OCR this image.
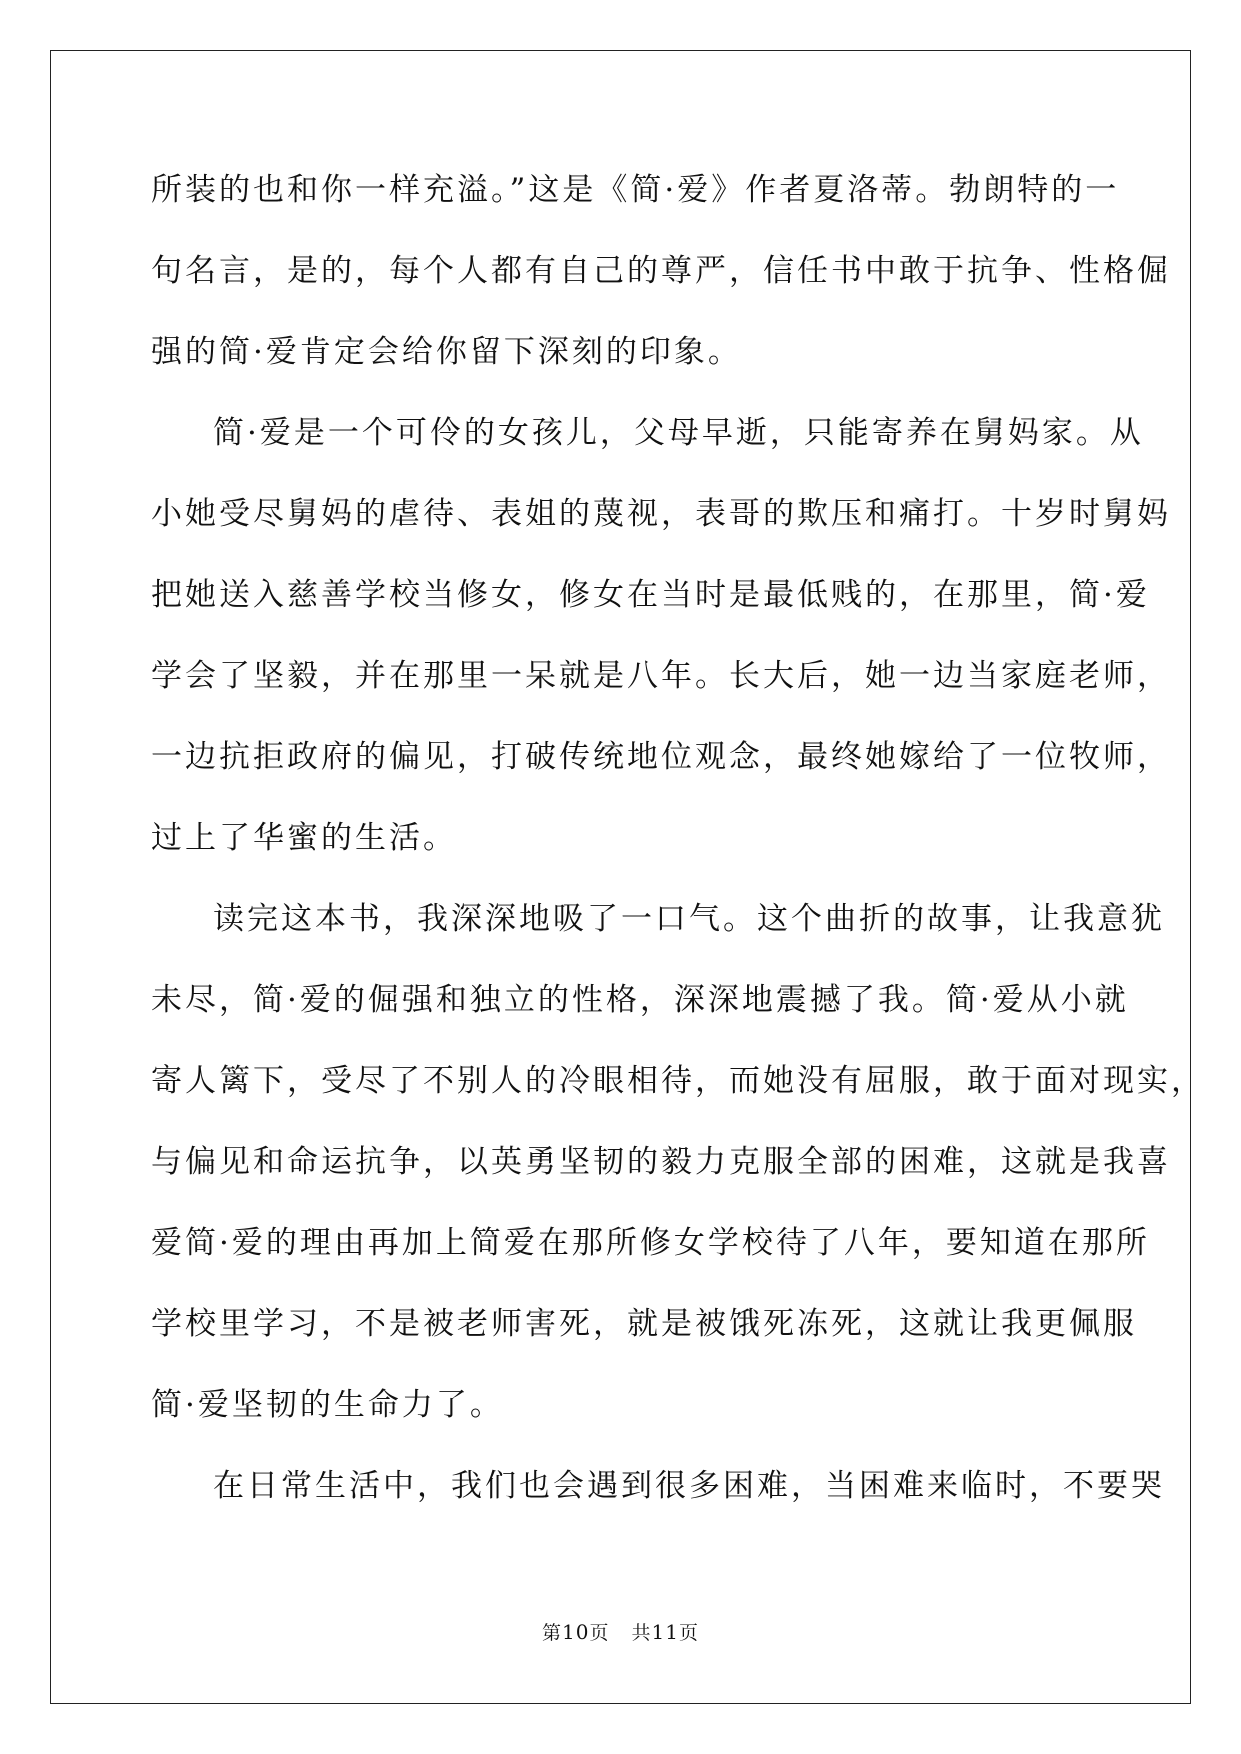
所装的也和你一样充溢。”这是《简·爱》作者夏洛蒂。勃朗特的一
句名言，是的，每个人都有自己的尊严，信任书中敢于抗争、性格倔
强的简·爱肯定会给你留下深刻的印象。
简·爱是一个可伶的女孩儿，父母早逝，只能寄养在舅妈家。从
小她受尽舅妈的虐待、表姐的蔑视，表哥的欺压和痛打。十岁时舅妈
把她送入慈善学校当修女，修女在当时是最低贱的，在那里，简·爱
学会了坚毅，并在那里一呆就是八年。长大后，她一边当家庭老师，
一边抗拒政府的偏见，打破传统地位观念，最终她嫁给了一位牧师，
过上了华蜜的生活。
读完这本书，我深深地吸了一口气。这个曲折的故事，让我意犹
未尽，简·爱的倔强和独立的性格，深深地震撼了我。简·爱从小就
寄人篱下，受尽了不别人的冷眼相待，而她没有屈服，敢于面对现实，
与偏见和命运抗争，以英勇坚韧的毅力克服全部的困难，这就是我喜
爱简·爱的理由再加上简爱在那所修女学校待了八年，要知道在那所
学校里学习，不是被老师害死，就是被饿死冻死，这就让我更佩服
简·爱坚韧的生命力了。
在日常生活中，我们也会遇到很多困难，当困难来临时，不要哭
第10页 共11页
